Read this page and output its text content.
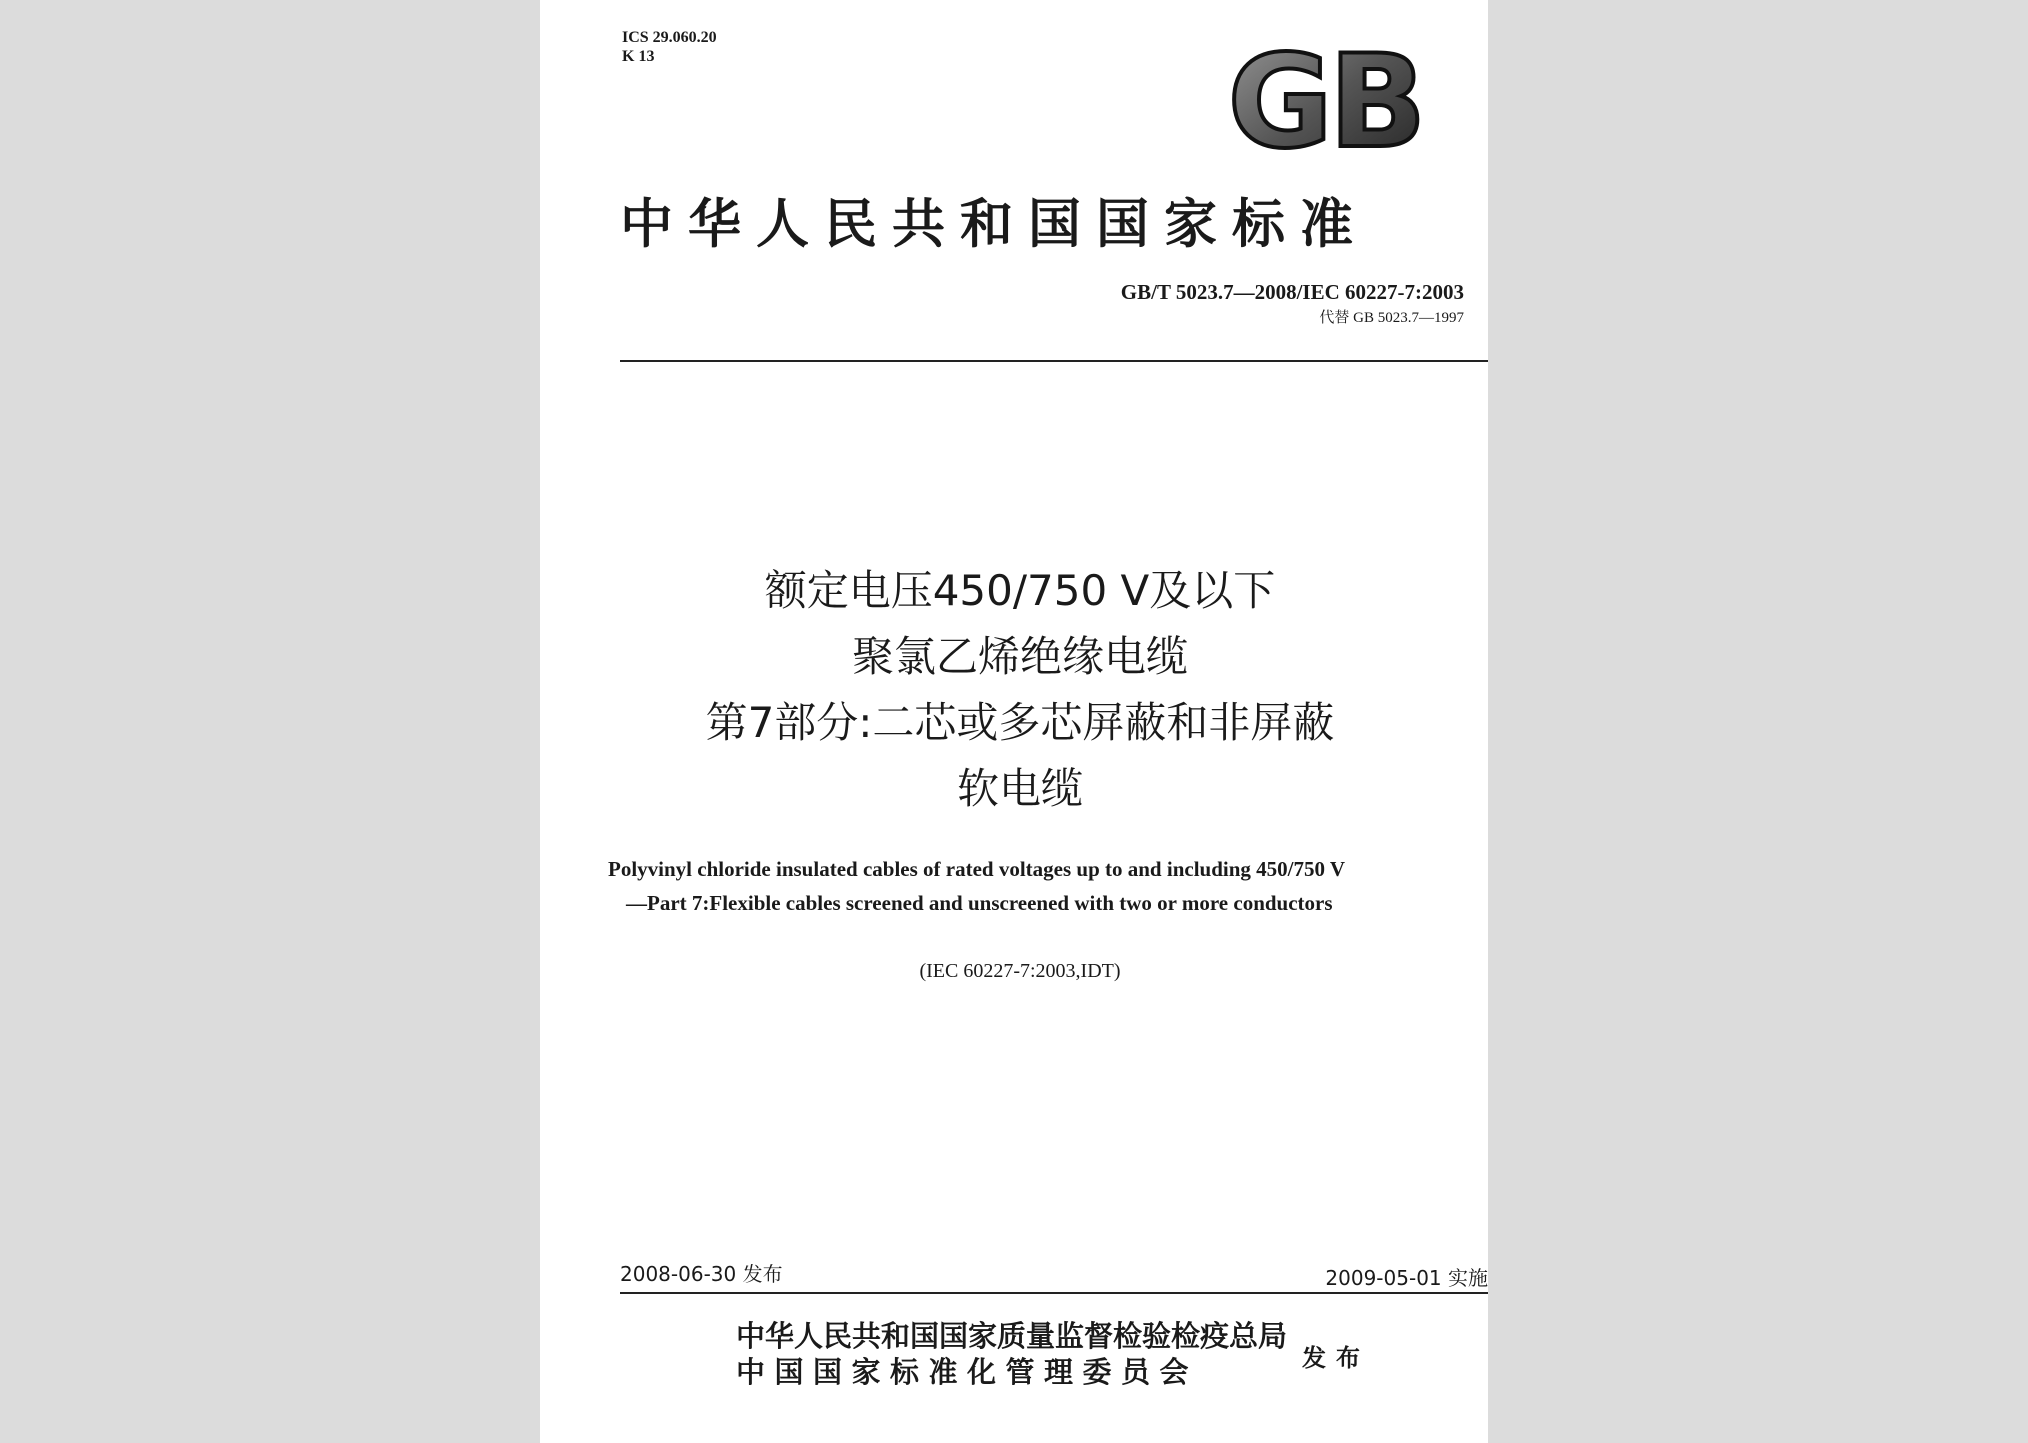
ICS 29.060.20
K 13	GB
中华人民共和国国家标准
GB/T 5023.7—2008/IEC 60227-7:2003
代替 GB 5023.7—1997
额定电压450/750 V及以下
聚氯乙烯绝缘电缆
第7部分:二芯或多芯屏蔽和非屏蔽
软电缆
Polyvinyl chloride insulated cables of rated voltages up to and including 450/750 V
—Part 7:Flexible cables screened and unscreened with two or more conductors
(IEC 60227-7:2003,IDT)
2008-06-30 发布	2009-05-01 实施
中华人民共和国国家质量监督检验检疫总局
中国国家标准化管理委员会	发布
